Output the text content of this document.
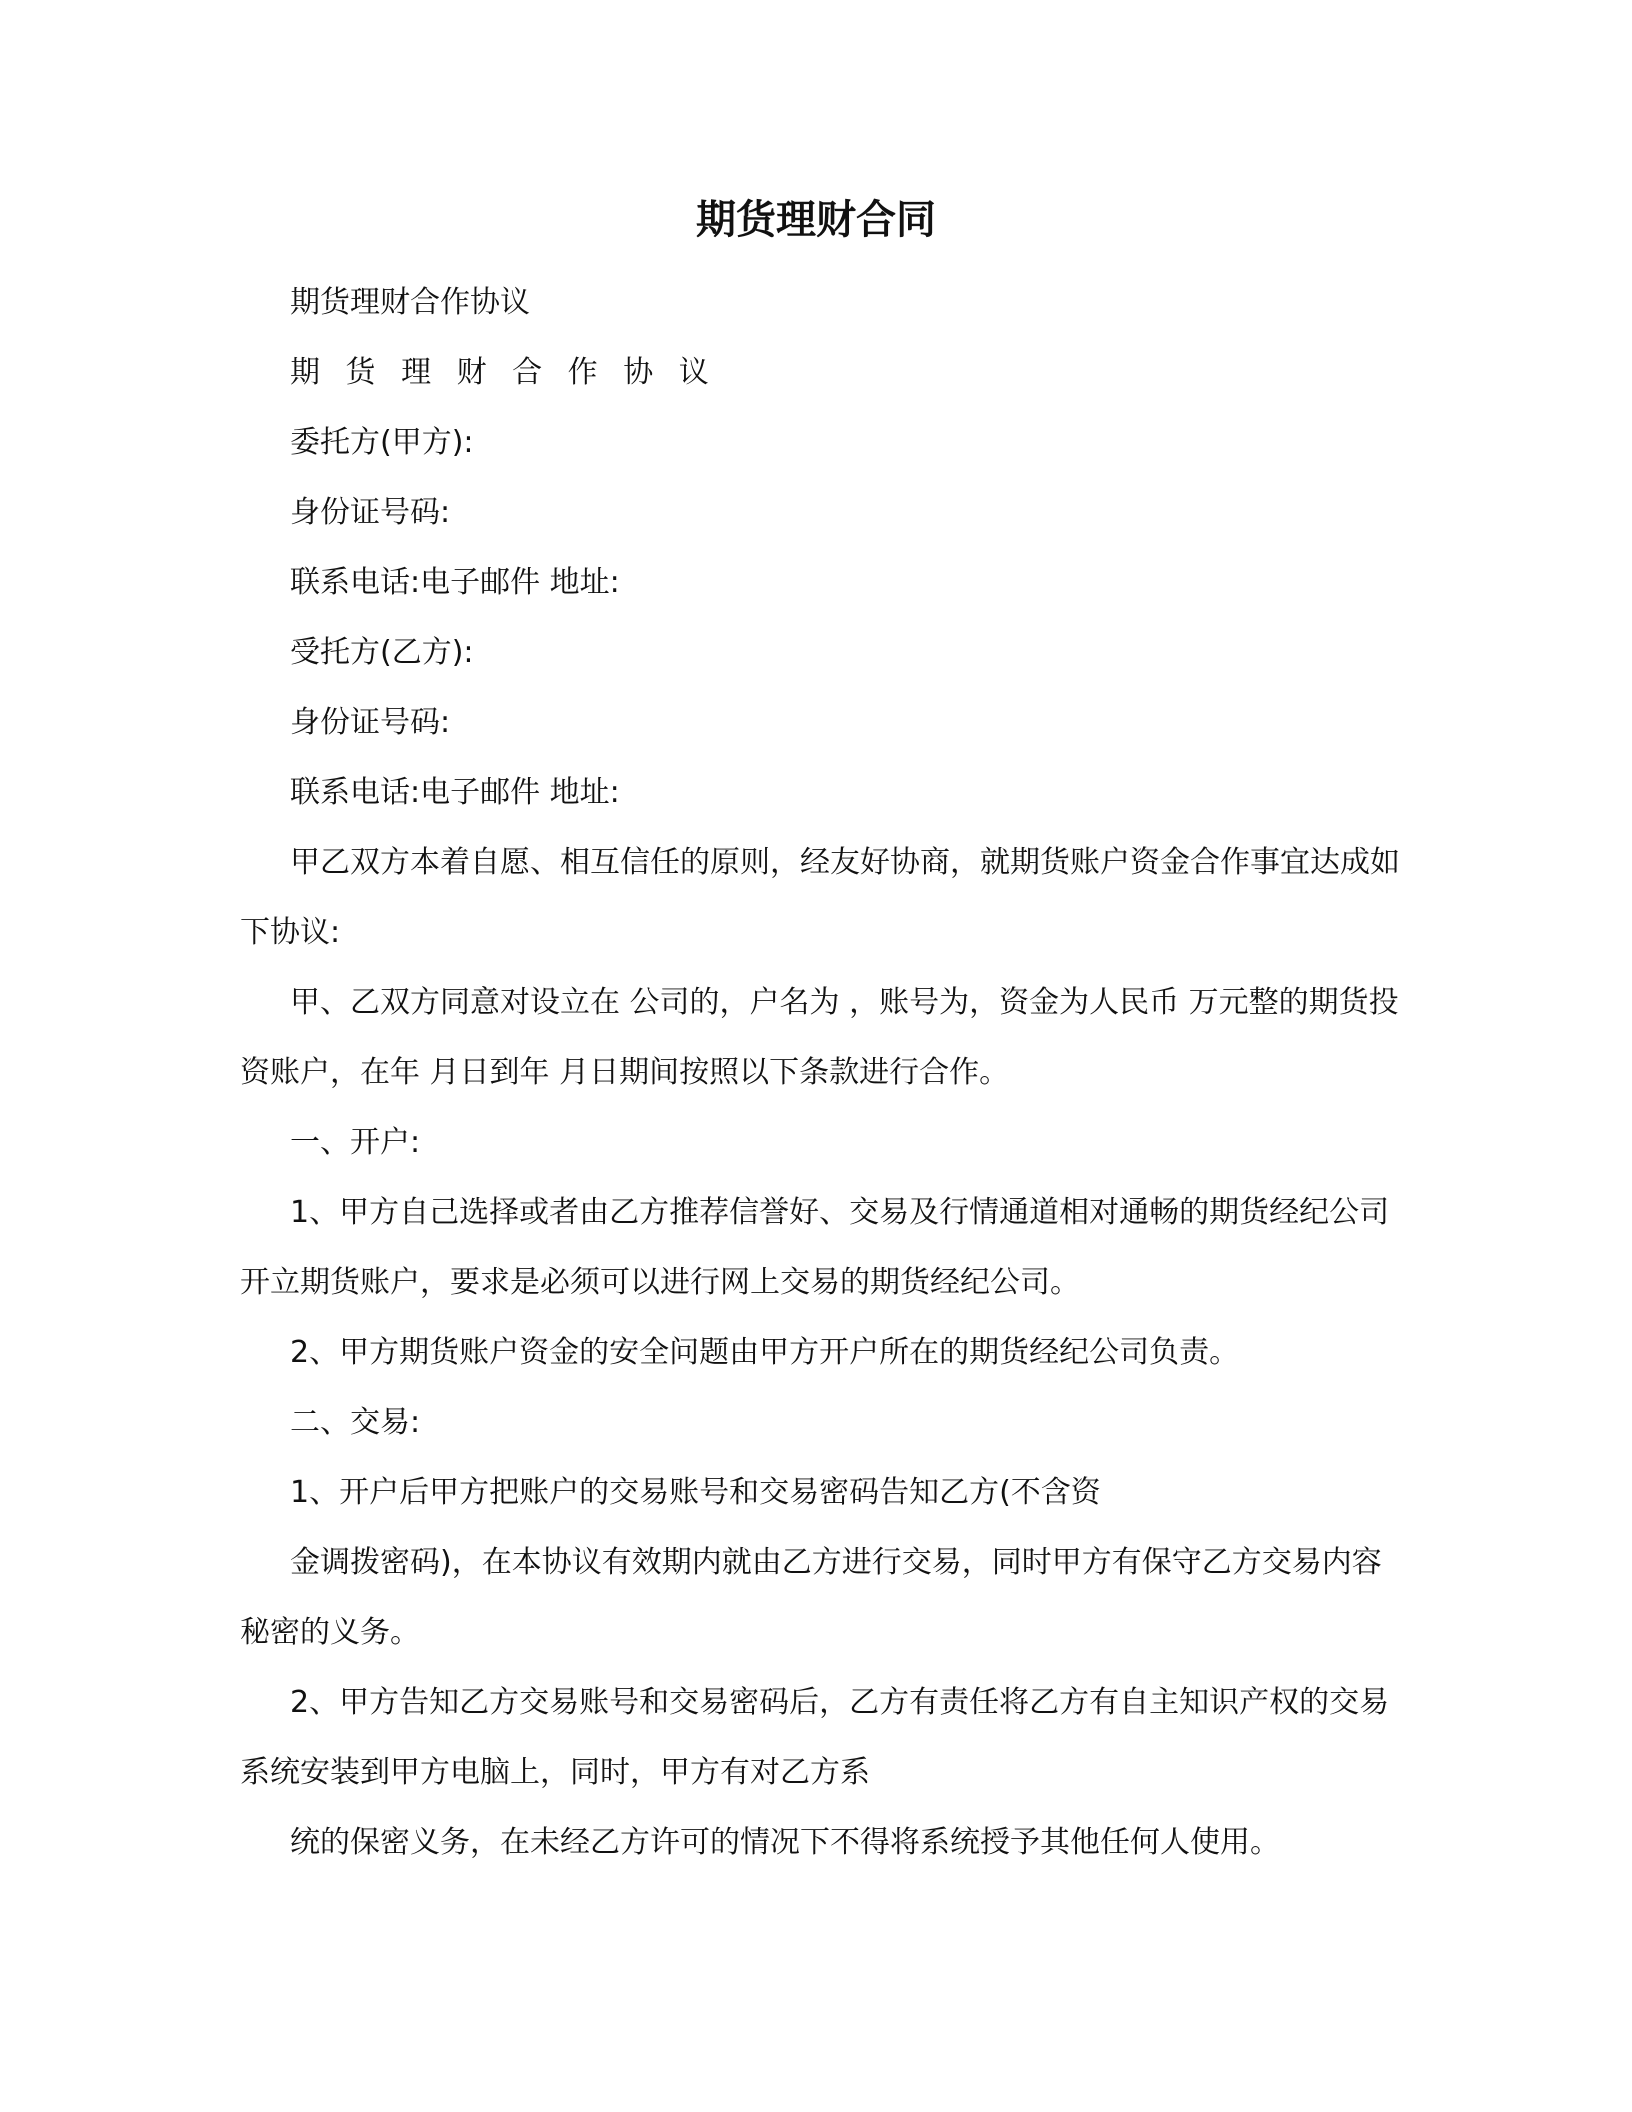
期货理财合同

期货理财合作协议

期 货 理 财 合 作 协 议

委托方(甲方):

身份证号码:

联系电话:电子邮件 地址:

受托方(乙方):

身份证号码:

联系电话:电子邮件 地址:

甲乙双方本着自愿、相互信任的原则，经友好协商，就期货账户资金合作事宜达成如下协议:

甲、乙双方同意对设立在 公司的，户名为 ，账号为，资金为人民币 万元整的期货投资账户，在年 月日到年 月日期间按照以下条款进行合作。

一、开户:

1、甲方自己选择或者由乙方推荐信誉好、交易及行情通道相对通畅的期货经纪公司开立期货账户，要求是必须可以进行网上交易的期货经纪公司。

2、甲方期货账户资金的安全问题由甲方开户所在的期货经纪公司负责。

二、交易:

1、开户后甲方把账户的交易账号和交易密码告知乙方(不含资

金调拨密码)，在本协议有效期内就由乙方进行交易，同时甲方有保守乙方交易内容秘密的义务。

2、甲方告知乙方交易账号和交易密码后，乙方有责任将乙方有自主知识产权的交易系统安装到甲方电脑上，同时，甲方有对乙方系

统的保密义务，在未经乙方许可的情况下不得将系统授予其他任何人使用。
